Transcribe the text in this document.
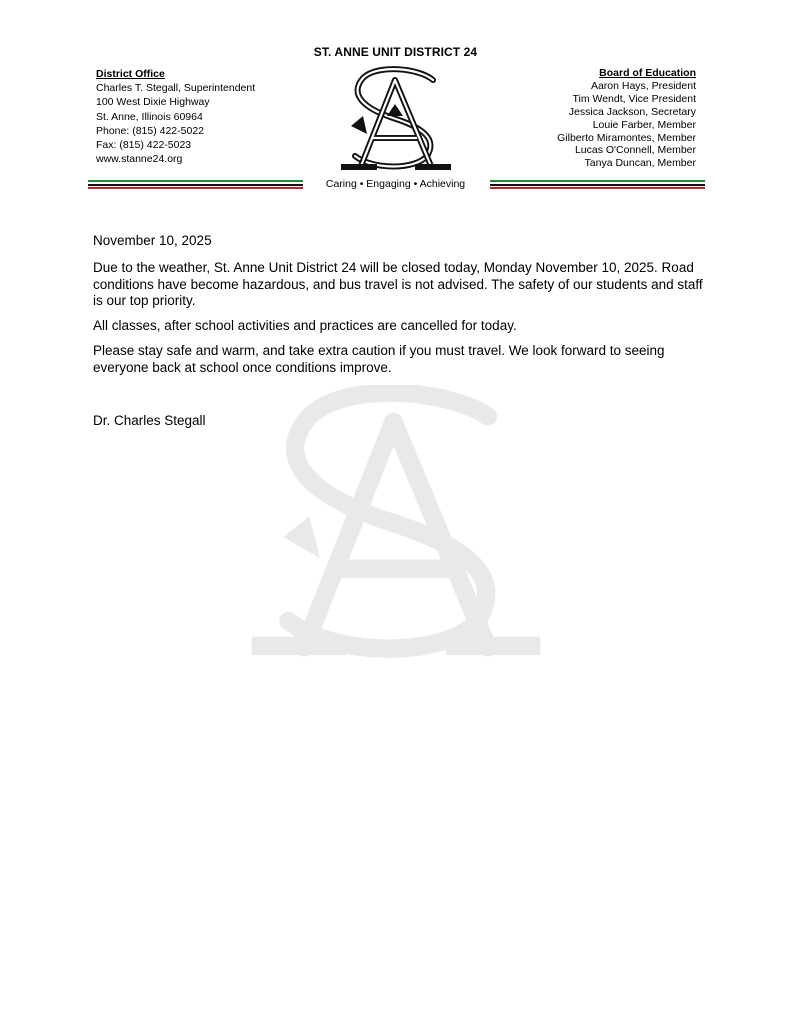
ST. ANNE UNIT DISTRICT 24
District Office
Charles T. Stegall, Superintendent
100 West Dixie Highway
St. Anne, Illinois 60964
Phone: (815) 422-5022
Fax: (815) 422-5023
www.stanne24.org
Board of Education
Aaron Hays, President
Tim Wendt, Vice President
Jessica Jackson, Secretary
Louie Farber, Member
Gilberto Miramontes, Member
Lucas O'Connell, Member
Tanya Duncan, Member
Caring • Engaging • Achieving

November 10, 2025

Due to the weather, St. Anne Unit District 24 will be closed today, Monday November 10, 2025. Road conditions have become hazardous, and bus travel is not advised. The safety of our students and staff is our top priority.

All classes, after school activities and practices are cancelled for today.

Please stay safe and warm, and take extra caution if you must travel. We look forward to seeing everyone back at school once conditions improve.

Dr. Charles Stegall
